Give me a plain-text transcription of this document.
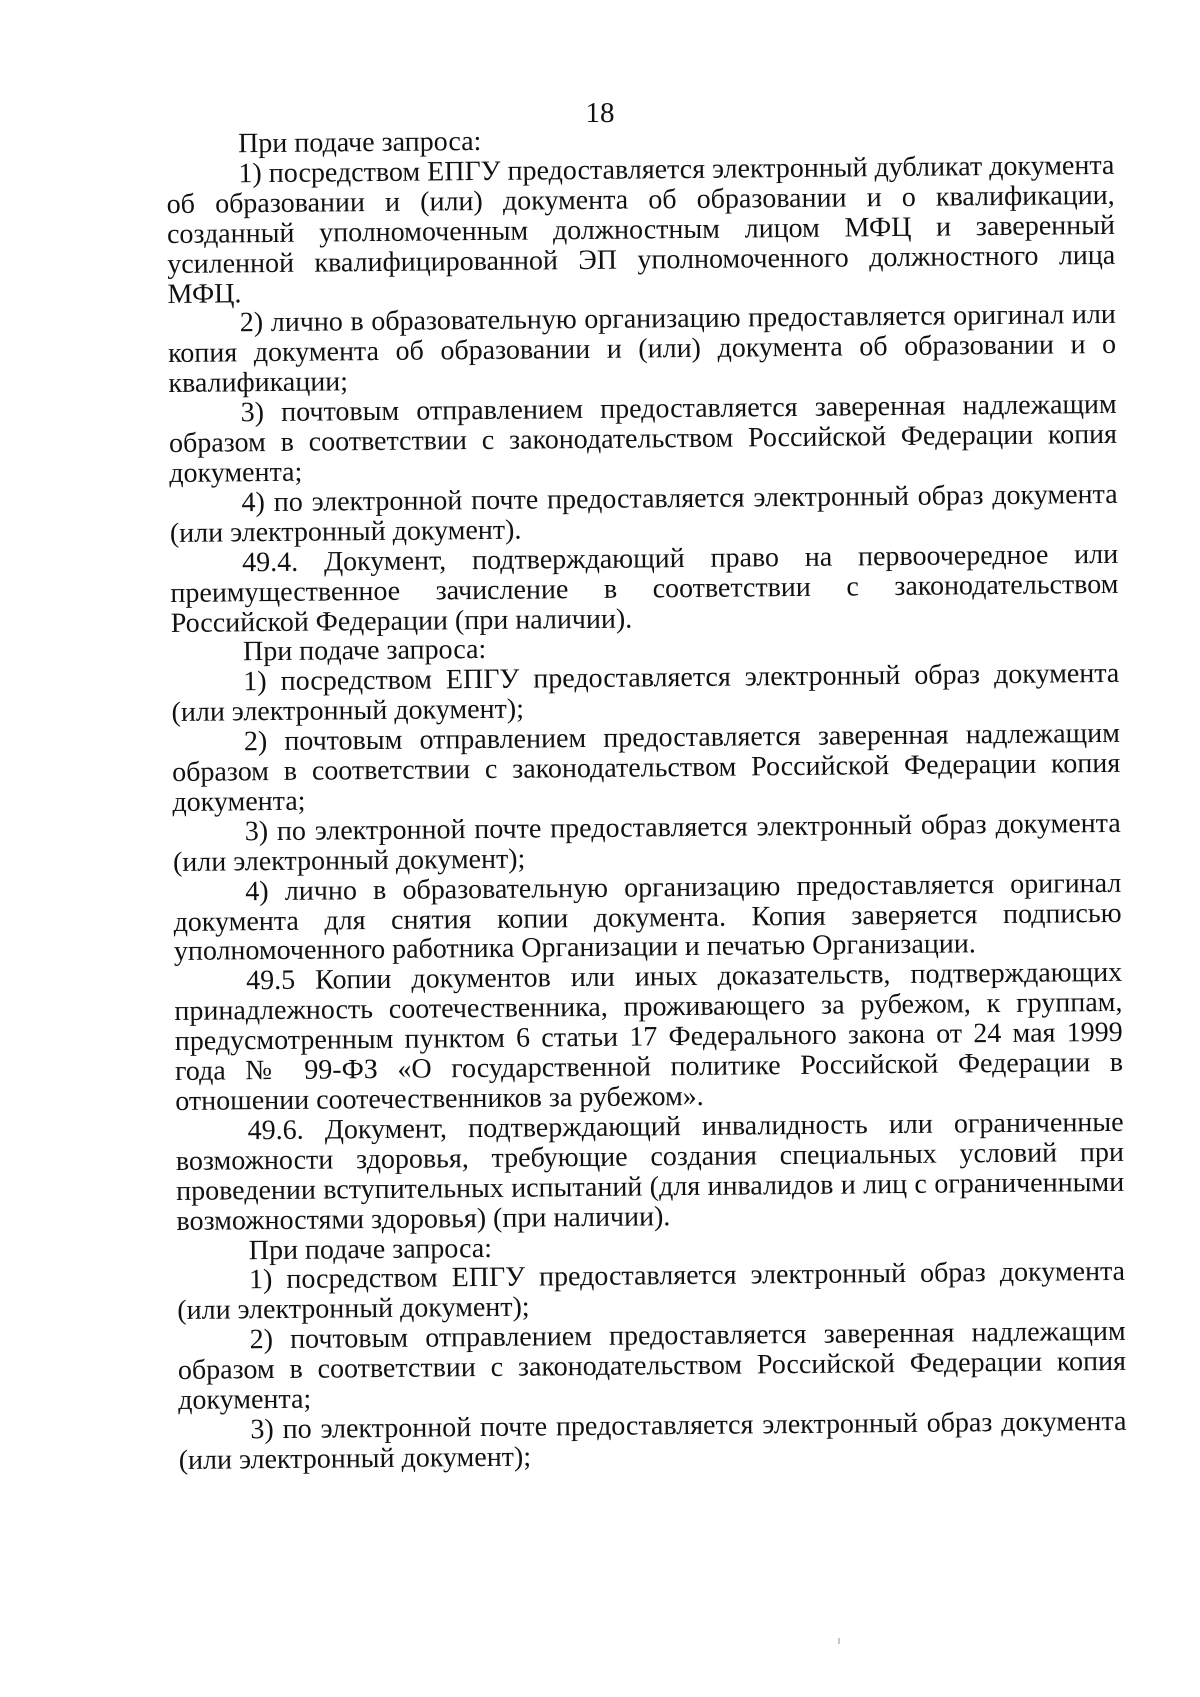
18

При подаче запроса:

1) посредством ЕПГУ предоставляется электронный дубликат документа об образовании и (или) документа об образовании и о квалификации, созданный уполномоченным должностным лицом МФЦ и заверенный усиленной квалифицированной ЭП уполномоченного должностного лица МФЦ.

2) лично в образовательную организацию предоставляется оригинал или копия документа об образовании и (или) документа об образовании и о квалификации;

3) почтовым отправлением предоставляется заверенная надлежащим образом в соответствии с законодательством Российской Федерации копия документа;

4) по электронной почте предоставляется электронный образ документа (или электронный документ).

49.4. Документ, подтверждающий право на первоочередное или преимущественное зачисление в соответствии с законодательством Российской Федерации (при наличии).

При подаче запроса:

1) посредством ЕПГУ предоставляется электронный образ документа (или электронный документ);

2) почтовым отправлением предоставляется заверенная надлежащим образом в соответствии с законодательством Российской Федерации копия документа;

3) по электронной почте предоставляется электронный образ документа (или электронный документ);

4) лично в образовательную организацию предоставляется оригинал документа для снятия копии документа. Копия заверяется подписью уполномоченного работника Организации и печатью Организации.

49.5 Копии документов или иных доказательств, подтверждающих принадлежность соотечественника, проживающего за рубежом, к группам, предусмотренным пунктом 6 статьи 17 Федерального закона от 24 мая 1999 года № 99-ФЗ «О государственной политике Российской Федерации в отношении соотечественников за рубежом».

49.6. Документ, подтверждающий инвалидность или ограниченные возможности здоровья, требующие создания специальных условий при проведении вступительных испытаний (для инвалидов и лиц с ограниченными возможностями здоровья) (при наличии).

При подаче запроса:

1) посредством ЕПГУ предоставляется электронный образ документа (или электронный документ);

2) почтовым отправлением предоставляется заверенная надлежащим образом в соответствии с законодательством Российской Федерации копия документа;

3) по электронной почте предоставляется электронный образ документа (или электронный документ);
